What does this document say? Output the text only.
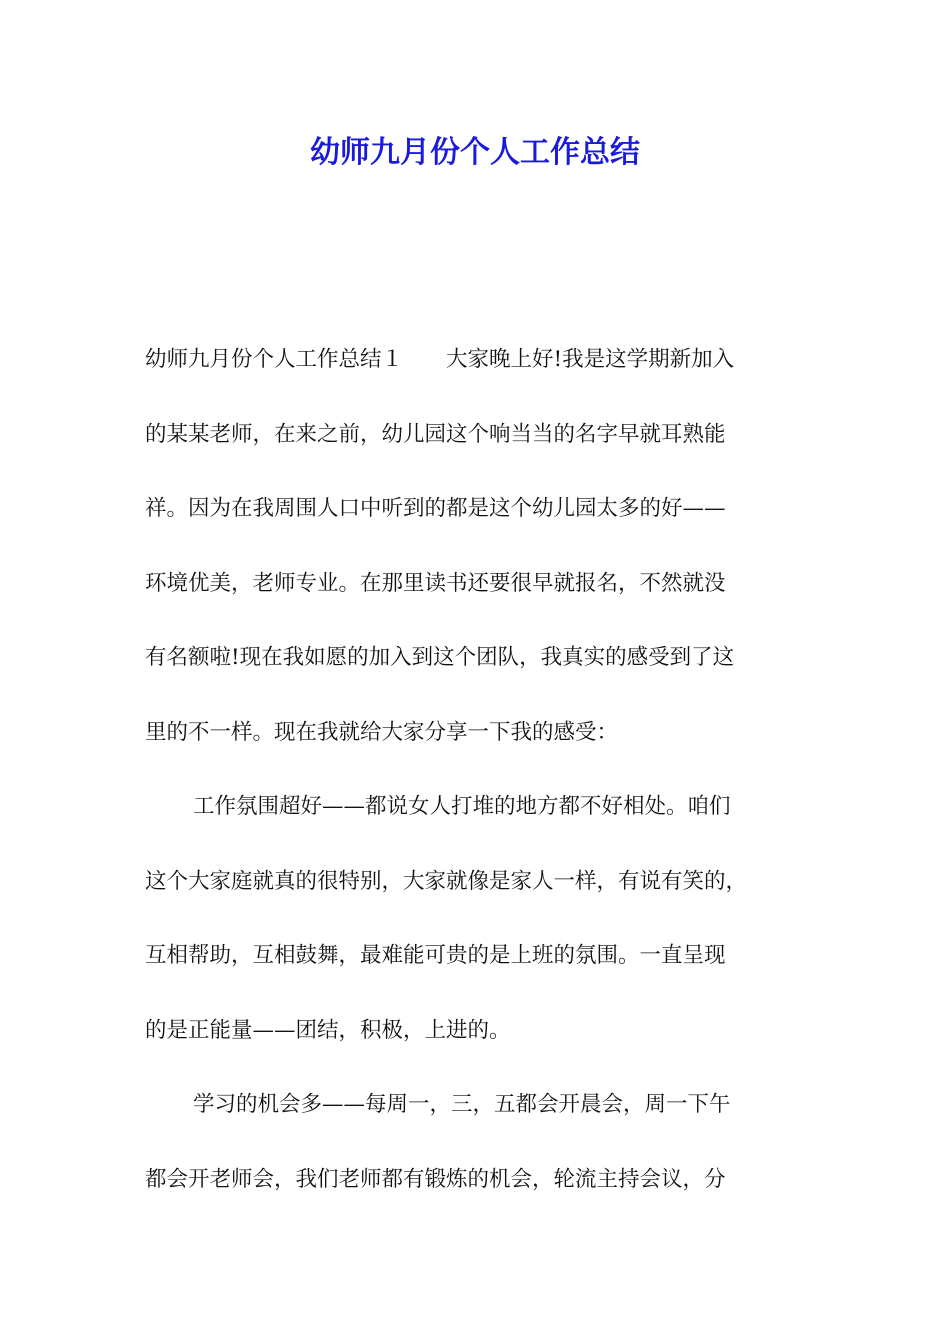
幼师九月份个人工作总结
幼师九月份个人工作总结１　　大家晚上好!我是这学期新加入
的某某老师，在来之前，幼儿园这个响当当的名字早就耳熟能
祥。因为在我周围人口中听到的都是这个幼儿园太多的好——
环境优美，老师专业。在那里读书还要很早就报名，不然就没
有名额啦!现在我如愿的加入到这个团队，我真实的感受到了这
里的不一样。现在我就给大家分享一下我的感受：
工作氛围超好——都说女人打堆的地方都不好相处。咱们
这个大家庭就真的很特别，大家就像是家人一样，有说有笑的，
互相帮助，互相鼓舞，最难能可贵的是上班的氛围。一直呈现
的是正能量——团结，积极，上进的。
学习的机会多——每周一，三，五都会开晨会，周一下午
都会开老师会，我们老师都有锻炼的机会，轮流主持会议，分
